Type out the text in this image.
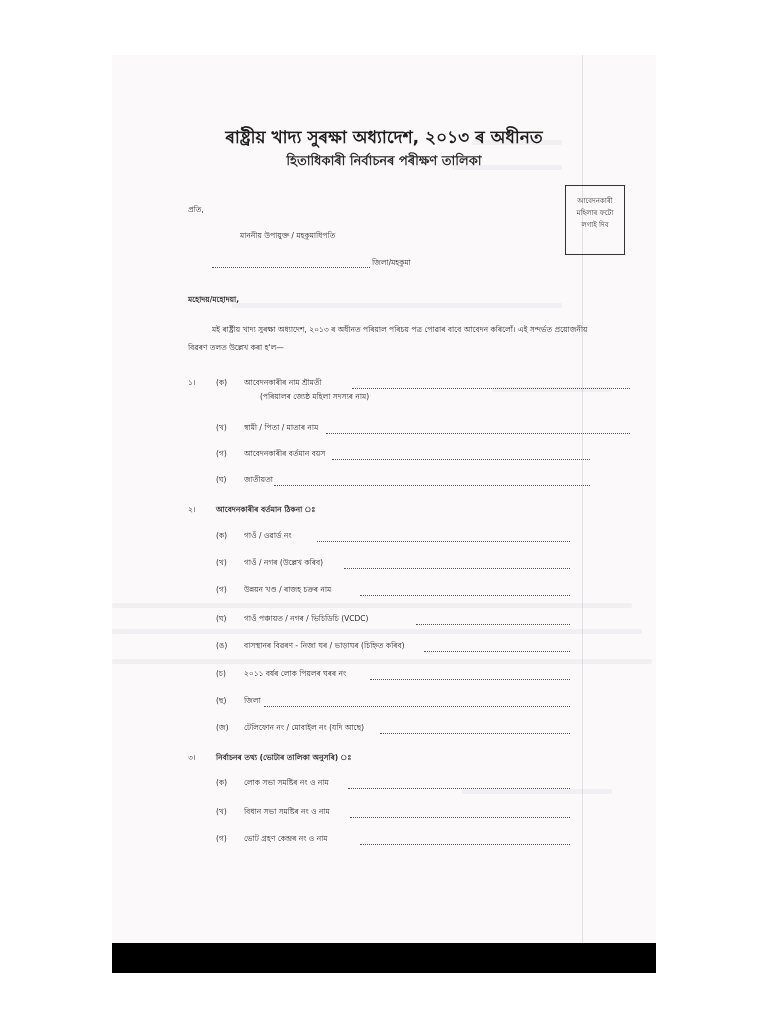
ৰাষ্ট্ৰীয় খাদ্য সুৰক্ষা অধ্যাদেশ, ২০১৩ ৰ অধীনত
হিতাধিকাৰী নিৰ্বাচনৰ পৰীক্ষণ তালিকা
আবেদনকাৰী
মহিলাৰ ফটো
লগাই দিব
প্ৰতি,
মাননীয় উপায়ুক্ত / মহকুমাধিপতি
জিলা/মহকুমা
মহোদয়/মহোদয়া,
মই ৰাষ্ট্ৰীয় খাদ্য সুৰক্ষা অধ্যাদেশ, ২০১৩ ৰ অধীনত পৰিয়াল পৰিচয় পত্ৰ পোৱাৰ বাবে আবেদন কৰিলোঁ। এই সন্দৰ্ভত প্ৰয়োজনীয়
বিৱৰণ তলত উল্লেখ কৰা হ'ল—
১।	(ক) আবেদনকাৰীৰ নাম শ্ৰীমতী
(পৰিয়ালৰ জ্যেষ্ঠ মহিলা সদস্যৰ নাম)
(খ) স্বামী / পিতা / মাতাৰ নাম
(গ) আবেদনকাৰীৰ বৰ্তমান বয়স
(ঘ) জাতীয়তা
২।	আবেদনকাৰীৰ বৰ্তমান ঠিকনা ঃ
(ক) গাওঁ / ওৱাৰ্ড নং
(খ) গাওঁ / নগৰ (উল্লেখ কৰিব)
(গ) উন্নয়ন খণ্ড / ৰাজহ চক্ৰৰ নাম
(ঘ) গাওঁ পঞ্চায়ত / নগৰ / ভিচিডিচি (VCDC)
(ঙ) বাসস্থানৰ বিৱৰণ - নিজা ঘৰ / ভাড়াঘৰ (চিহ্নিত কৰিব)
(চ) ২০১১ বৰ্ষৰ লোক পিয়লৰ ঘৰৰ নং
(ছ) জিলা
(জ) টেলিফোন নং / মোবাইল নং (যদি আছে)
৩।	নিৰ্বাচনৰ তথ্য (ভোটাৰ তালিকা অনুসৰি) ঃ
(ক) লোক সভা সমষ্টিৰ নং ও নাম
(খ) বিধান সভা সমষ্টিৰ নং ও নাম
(গ) ভোট গ্ৰহণ কেন্দ্ৰৰ নং ও নাম
